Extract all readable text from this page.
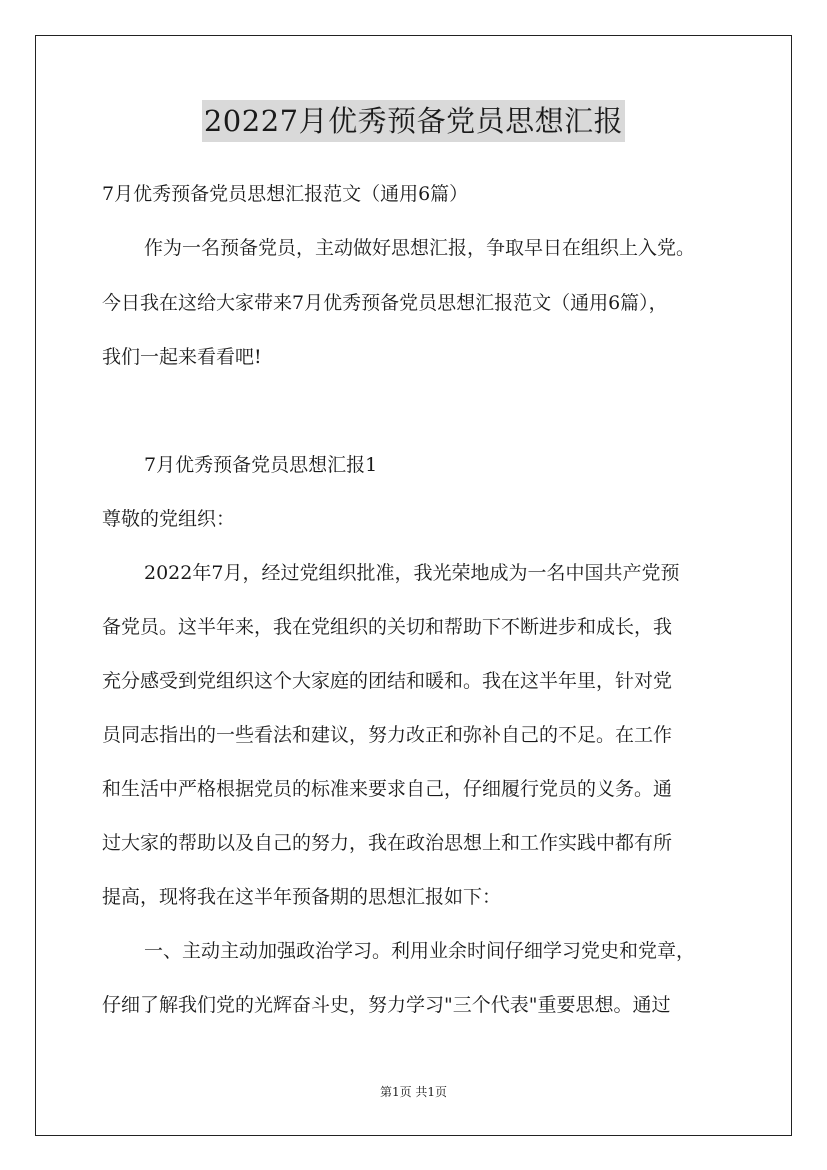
20227月优秀预备党员思想汇报
7月优秀预备党员思想汇报范文（通用6篇）
作为一名预备党员，主动做好思想汇报，争取早日在组织上入党。
今日我在这给大家带来7月优秀预备党员思想汇报范文（通用6篇），
我们一起来看看吧!
7月优秀预备党员思想汇报1
尊敬的党组织：
2022年7月，经过党组织批准，我光荣地成为一名中国共产党预
备党员。这半年来，我在党组织的关切和帮助下不断进步和成长，我
充分感受到党组织这个大家庭的团结和暖和。我在这半年里，针对党
员同志指出的一些看法和建议，努力改正和弥补自己的不足。在工作
和生活中严格根据党员的标准来要求自己，仔细履行党员的义务。通
过大家的帮助以及自己的努力，我在政治思想上和工作实践中都有所
提高，现将我在这半年预备期的思想汇报如下：
一、主动主动加强政治学习。利用业余时间仔细学习党史和党章，
仔细了解我们党的光辉奋斗史，努力学习"三个代表"重要思想。通过
第1页 共1页
